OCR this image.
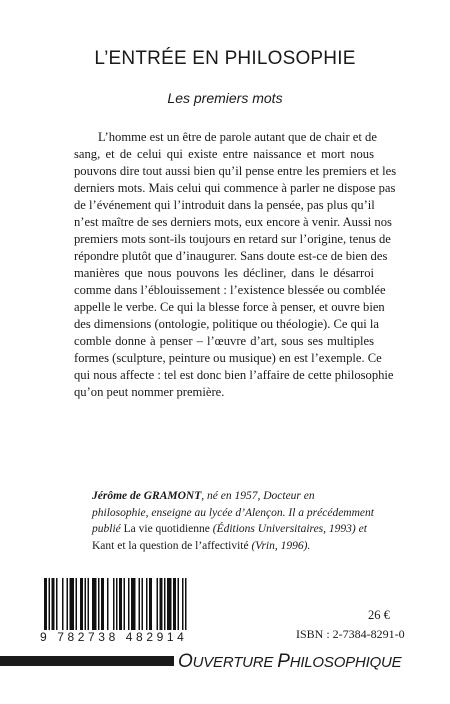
L’ENTRÉE EN PHILOSOPHIE
Les premiers mots
L’homme est un être de parole autant que de chair et de
sang, et de celui qui existe entre naissance et mort nous
pouvons dire tout aussi bien qu’il pense entre les premiers et les
derniers mots. Mais celui qui commence à parler ne dispose pas
de l’événement qui l’introduit dans la pensée, pas plus qu’il
n’est maître de ses derniers mots, eux encore à venir. Aussi nos
premiers mots sont-ils toujours en retard sur l’origine, tenus de
répondre plutôt que d’inaugurer. Sans doute est-ce de bien des
manières que nous pouvons les décliner, dans le désarroi
comme dans l’éblouissement : l’existence blessée ou comblée
appelle le verbe. Ce qui la blesse force à penser, et ouvre bien
des dimensions (ontologie, politique ou théologie). Ce qui la
comble donne à penser – l’œuvre d’art, sous ses multiples
formes (sculpture, peinture ou musique) en est l’exemple. Ce
qui nous affecte : tel est donc bien l’affaire de cette philosophie
qu’on peut nommer première.
Jérôme de GRAMONT, né en 1957, Docteur en
philosophie, enseigne au lycée d’Alençon. Il a précédemment
publié La vie quotidienne (Éditions Universitaires, 1993) et
Kant et la question de l’affectivité (Vrin, 1996).
9 782738 482914
26 €
ISBN : 2-7384-8291-0
OUVERTURE PHILOSOPHIQUE
